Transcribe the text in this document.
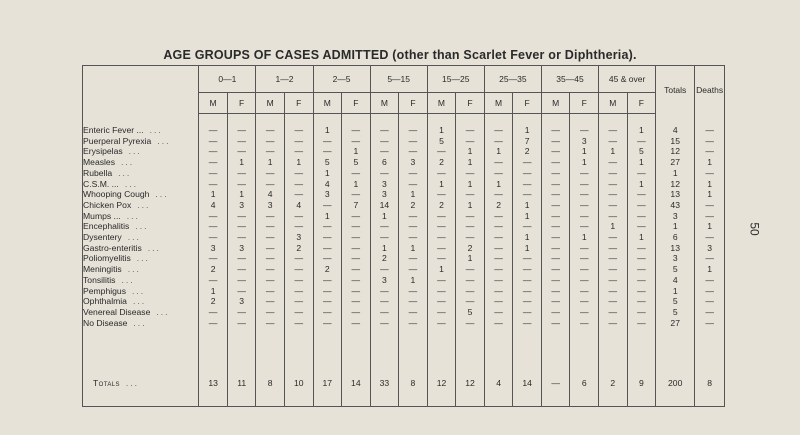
AGE GROUPS OF CASES ADMITTED (other than Scarlet Fever or Diphtheria).
50
	0—1		1—2		2—5		5—15		15—25		25—35		35—45		45 & over		Totals	Deaths
	M	F	M	F	M	F	M	F	M	F	M	F	M	F	M	F		

Enteric Fever ... ...	—	—	—	—	1	—	—	—	1	—	—	1	—	—	—	1	4	—
Puerperal Pyrexia ...	—	—	—	—	—	—	—	—	5	—	—	7	—	3	—	—	15	—
Erysipelas ...	—	—	—	—	—	1	—	—	—	1	1	2	—	1	1	5	12	—
Measles ...	—	1	1	1	5	5	6	3	2	1	—	—	—	1	—	1	27	1
Rubella ...	—	—	—	—	1	—	—	—	—	—	—	—	—	—	—	—	1	—
C.S.M. ... ...	—	—	—	—	4	1	3	—	1	1	1	—	—	—	—	1	12	1
Whooping Cough ...	1	1	4	—	3	—	3	1	—	—	—	—	—	—	—	—	13	1
Chicken Pox ...	4	3	3	4	—	7	14	2	2	1	2	1	—	—	—	—	43	—
Mumps ... ...	—	—	—	—	1	—	1	—	—	—	—	1	—	—	—	—	3	—
Encephalitis ...	—	—	—	—	—	—	—	—	—	—	—	—	—	—	1	—	1	1
Dysentery ...	—	—	—	3	—	—	—	—	—	—	—	1	—	1	—	1	6	—
Gastro-enteritis ...	3	3	—	2	—	—	1	1	—	2	—	1	—	—	—	—	13	3
Poliomyelitis ...	—	—	—	—	—	—	2	—	—	1	—	—	—	—	—	—	3	—
Meningitis ...	2	—	—	—	2	—	—	—	1	—	—	—	—	—	—	—	5	1
Tonsilitis ...	—	—	—	—	—	—	3	1	—	—	—	—	—	—	—	—	4	—
Pemphigus ...	1	—	—	—	—	—	—	—	—	—	—	—	—	—	—	—	1	—
Ophthalmia ...	2	3	—	—	—	—	—	—	—	—	—	—	—	—	—	—	5	—
Venereal Disease ...	—	—	—	—	—	—	—	—	—	5	—	—	—	—	—	—	5	—
No Disease ...	—	—	—	—	—	—	—	—	—	—	—	—	—	—	—	—	27	—

Totals ...	13	11	8	10	17	14	33	8	12	12	4	14	—	6	2	9	200	8
